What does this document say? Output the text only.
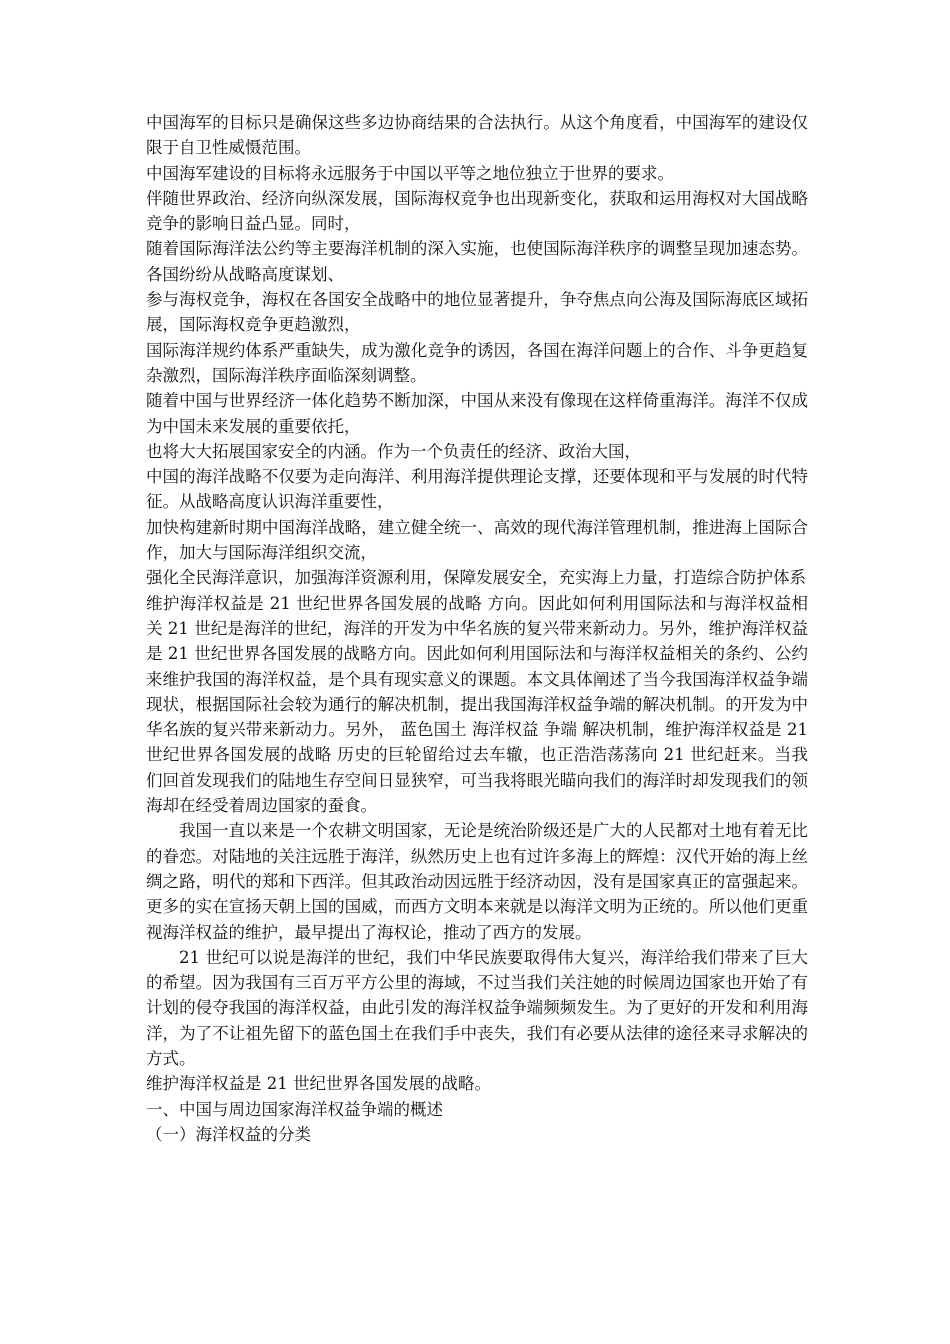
中国海军的目标只是确保这些多边协商结果的合法执行。从这个角度看，中国海军的建设仅限于自卫性威慑范围。

中国海军建设的目标将永远服务于中国以平等之地位独立于世界的要求。

伴随世界政治、经济向纵深发展，国际海权竞争也出现新变化，获取和运用海权对大国战略竞争的影响日益凸显。同时，

随着国际海洋法公约等主要海洋机制的深入实施，也使国际海洋秩序的调整呈现加速态势。各国纷纷从战略高度谋划、

参与海权竞争，海权在各国安全战略中的地位显著提升，争夺焦点向公海及国际海底区域拓展，国际海权竞争更趋激烈，

国际海洋规约体系严重缺失，成为激化竞争的诱因，各国在海洋问题上的合作、斗争更趋复杂激烈，国际海洋秩序面临深刻调整。

随着中国与世界经济一体化趋势不断加深，中国从来没有像现在这样倚重海洋。海洋不仅成为中国未来发展的重要依托，

也将大大拓展国家安全的内涵。作为一个负责任的经济、政治大国，

中国的海洋战略不仅要为走向海洋、利用海洋提供理论支撑，还要体现和平与发展的时代特征。从战略高度认识海洋重要性，

加快构建新时期中国海洋战略，建立健全统一、高效的现代海洋管理机制，推进海上国际合作，加大与国际海洋组织交流，

强化全民海洋意识，加强海洋资源利用，保障发展安全，充实海上力量，打造综合防护体系

维护海洋权益是 21 世纪世界各国发展的战略 方向。因此如何利用国际法和与海洋权益相关 21 世纪是海洋的世纪，海洋的开发为中华名族的复兴带来新动力。另外，维护海洋权益是 21 世纪世界各国发展的战略方向。因此如何利用国际法和与海洋权益相关的条约、公约来维护我国的海洋权益，是个具有现实意义的课题。本文具体阐述了当今我国海洋权益争端现状，根据国际社会较为通行的解决机制，提出我国海洋权益争端的解决机制。的开发为中华名族的复兴带来新动力。另外， 蓝色国土 海洋权益 争端 解决机制，维护海洋权益是 21 世纪世界各国发展的战略 历史的巨轮留给过去车辙，也正浩浩荡荡向 21 世纪赶来。当我们回首发现我们的陆地生存空间日显狭窄，可当我将眼光瞄向我们的海洋时却发现我们的领海却在经受着周边国家的蚕食。

我国一直以来是一个农耕文明国家，无论是统治阶级还是广大的人民都对土地有着无比的眷恋。对陆地的关注远胜于海洋，纵然历史上也有过许多海上的辉煌：汉代开始的海上丝绸之路，明代的郑和下西洋。但其政治动因远胜于经济动因，没有是国家真正的富强起来。更多的实在宣扬天朝上国的国威，而西方文明本来就是以海洋文明为正统的。所以他们更重视海洋权益的维护，最早提出了海权论，推动了西方的发展。

21 世纪可以说是海洋的世纪，我们中华民族要取得伟大复兴，海洋给我们带来了巨大的希望。因为我国有三百万平方公里的海域，不过当我们关注她的时候周边国家也开始了有计划的侵夺我国的海洋权益，由此引发的海洋权益争端频频发生。为了更好的开发和利用海洋，为了不让祖先留下的蓝色国土在我们手中丧失，我们有必要从法律的途径来寻求解决的方式。

维护海洋权益是 21 世纪世界各国发展的战略。

一、中国与周边国家海洋权益争端的概述

（一）海洋权益的分类
